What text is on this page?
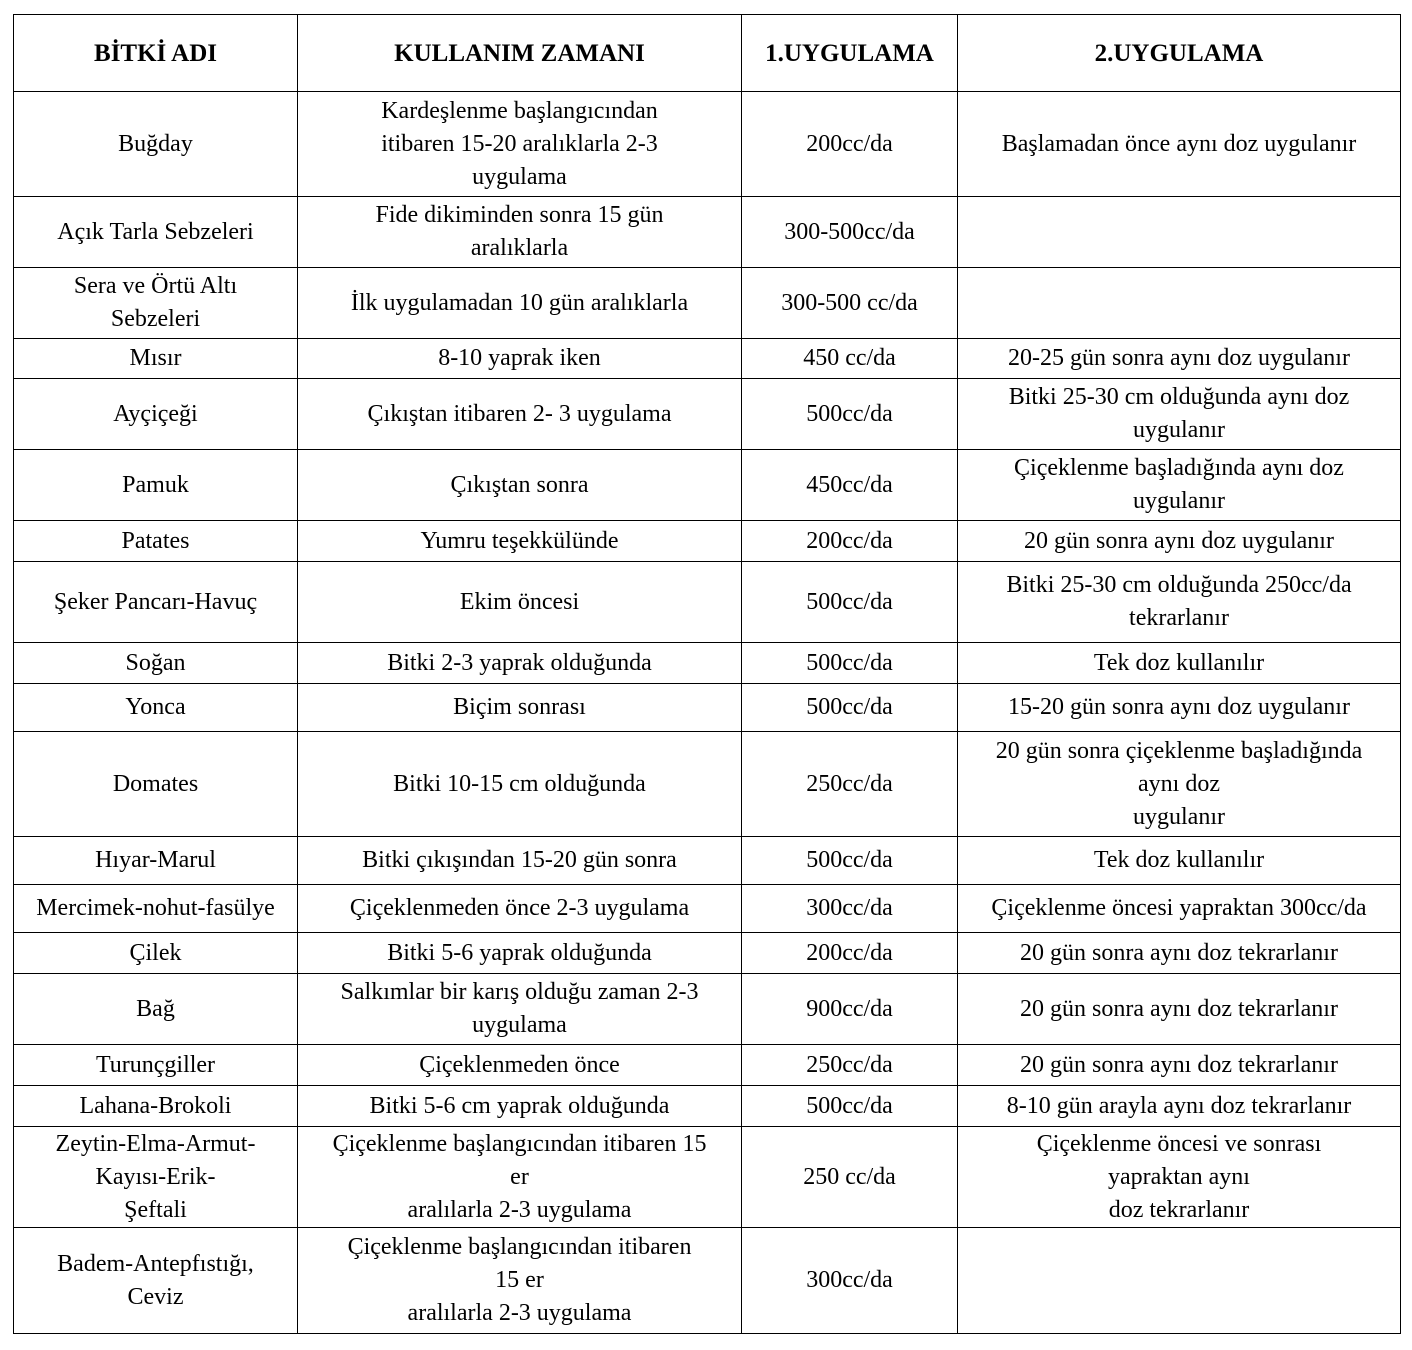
BİTKİ ADI	KULLANIM ZAMANI	1.UYGULAMA	2.UYGULAMA
Buğday	Kardeşlenme başlangıcından
itibaren 15-20 aralıklarla 2-3
uygulama	200cc/da	Başlamadan önce aynı doz uygulanır
Açık Tarla Sebzeleri	Fide dikiminden sonra 15 gün
aralıklarla	300-500cc/da	
Sera ve Örtü Altı
Sebzeleri	İlk uygulamadan 10 gün aralıklarla	300-500 cc/da	
Mısır	8-10 yaprak iken	450 cc/da	20-25 gün sonra aynı doz uygulanır
Ayçiçeği	Çıkıştan itibaren 2- 3 uygulama	500cc/da	Bitki 25-30 cm olduğunda aynı doz
uygulanır
Pamuk	Çıkıştan sonra	450cc/da	Çiçeklenme başladığında aynı doz
uygulanır
Patates	Yumru teşekkülünde	200cc/da	20 gün sonra aynı doz uygulanır
Şeker Pancarı-Havuç	Ekim öncesi	500cc/da	Bitki 25-30 cm olduğunda 250cc/da
tekrarlanır
Soğan	Bitki 2-3 yaprak olduğunda	500cc/da	Tek doz kullanılır
Yonca	Biçim sonrası	500cc/da	15-20 gün sonra aynı doz uygulanır
Domates	Bitki 10-15 cm olduğunda	250cc/da	20 gün sonra çiçeklenme başladığında
aynı doz
uygulanır
Hıyar-Marul	Bitki çıkışından 15-20 gün sonra	500cc/da	Tek doz kullanılır
Mercimek-nohut-fasülye	Çiçeklenmeden önce 2-3 uygulama	300cc/da	Çiçeklenme öncesi yapraktan 300cc/da
Çilek	Bitki 5-6 yaprak olduğunda	200cc/da	20 gün sonra aynı doz tekrarlanır
Bağ	Salkımlar bir karış olduğu zaman 2-3
uygulama	900cc/da	20 gün sonra aynı doz tekrarlanır
Turunçgiller	Çiçeklenmeden önce	250cc/da	20 gün sonra aynı doz tekrarlanır
Lahana-Brokoli	Bitki 5-6 cm yaprak olduğunda	500cc/da	8-10 gün arayla aynı doz tekrarlanır
Zeytin-Elma-Armut-
Kayısı-Erik-
Şeftali	Çiçeklenme başlangıcından itibaren 15
er
aralılarla 2-3 uygulama	250 cc/da	Çiçeklenme öncesi ve sonrası
yapraktan aynı
doz tekrarlanır
Badem-Antepfıstığı,
Ceviz	Çiçeklenme başlangıcından itibaren
15 er
aralılarla 2-3 uygulama	300cc/da	
